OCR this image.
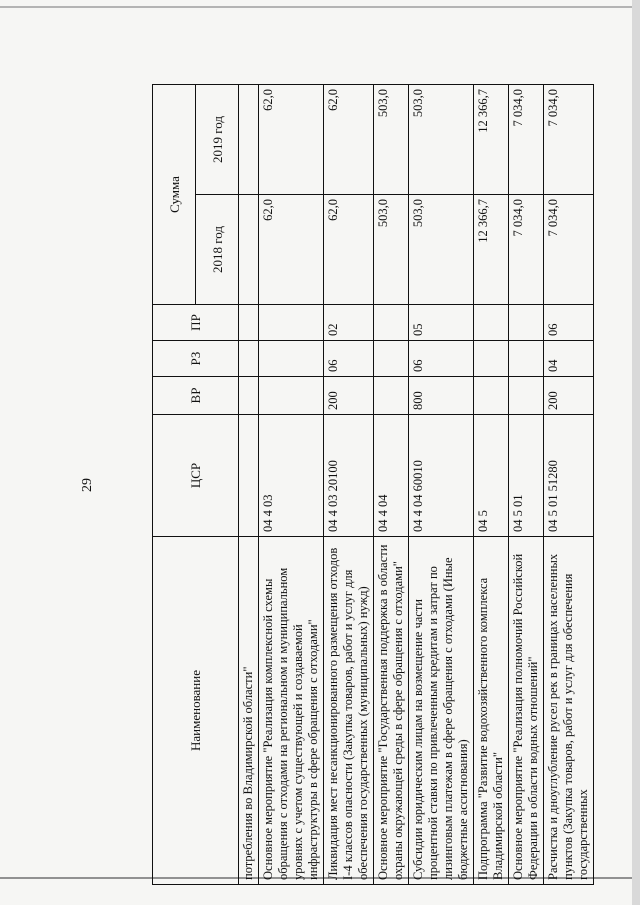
29
Наименование	ЦСР	ВР	РЗ	ПР	Сумма	
					2018 год	2019 год
потребления во Владимирской области"						
Основное мероприятие "Реализация комплексной схемы обращения с отходами на региональном и муниципальном уровнях с учетом существующей и создаваемой инфраструктуры в сфере обращения с отходами"	04 4 03				62,0	62,0
Ликвидация мест несанкционированного размещения отходов I-4 классов опасности (Закупка товаров, работ и услуг для обеспечения государственных (муниципальных) нужд)	04 4 03 20100	200	06	02	62,0	62,0
Основное мероприятие "Государственная поддержка в области охраны окружающей среды в сфере обращения с отходами"	04 4 04				503,0	503,0
Субсидии юридическим лицам на возмещение части процентной ставки по привлеченным кредитам и затрат по лизинговым платежам в сфере обращения с отходами (Иные бюджетные ассигнования)	04 4 04 60010	800	06	05	503,0	503,0
Подпрограмма "Развитие водохозяйственного комплекса Владимирской области"	04 5				12 366,7	12 366,7
Основное мероприятие "Реализация полномочий Российской Федерации в области водных отношений"	04 5 01				7 034,0	7 034,0
Расчистка и дноуглубление русел рек в границах населенных пунктов (Закупка товаров, работ и услуг для обеспечения государственных	04 5 01 51280	200	04	06	7 034,0	7 034,0
